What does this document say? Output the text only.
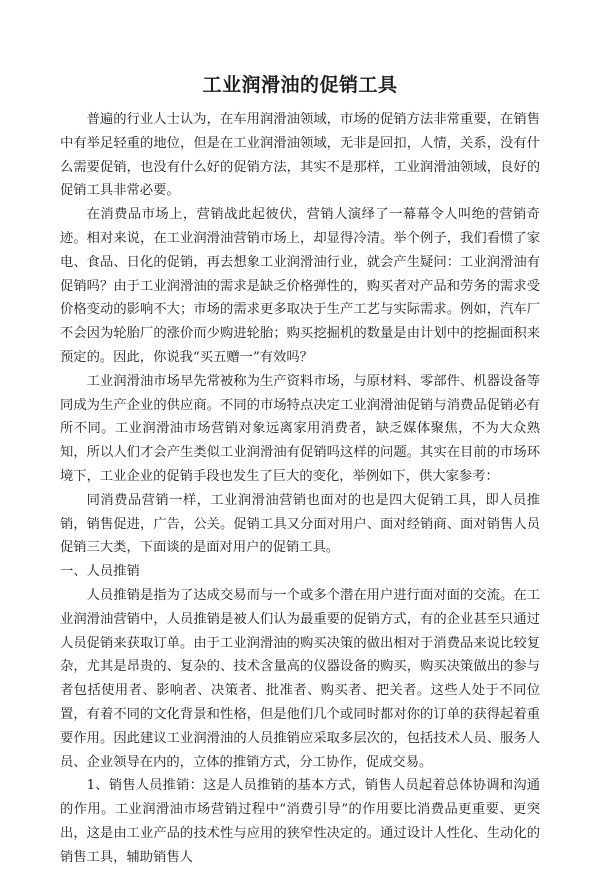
工业润滑油的促销工具

普遍的行业人士认为，在车用润滑油领域，市场的促销方法非常重要，在销售中有举足轻重的地位，但是在工业润滑油领域，无非是回扣，人情，关系，没有什么需要促销，也没有什么好的促销方法，其实不是那样，工业润滑油领域，良好的促销工具非常必要。

在消费品市场上，营销战此起彼伏，营销人演绎了一幕幕令人叫绝的营销奇迹。相对来说，在工业润滑油营销市场上，却显得冷清。举个例子，我们看惯了家电、食品、日化的促销，再去想象工业润滑油行业，就会产生疑问：工业润滑油有促销吗？由于工业润滑油的需求是缺乏价格弹性的，购买者对产品和劳务的需求受价格变动的影响不大；市场的需求更多取决于生产工艺与实际需求。例如，汽车厂不会因为轮胎厂的涨价而少购进轮胎；购买挖掘机的数量是由计划中的挖掘面积来预定的。因此，你说我“买五赠一”有效吗？

工业润滑油市场早先常被称为生产资料市场，与原材料、零部件、机器设备等同成为生产企业的供应商。不同的市场特点决定工业润滑油促销与消费品促销必有所不同。工业润滑油市场营销对象远离家用消费者，缺乏媒体聚焦，不为大众熟知，所以人们才会产生类似工业润滑油有促销吗这样的问题。其实在目前的市场环境下，工业企业的促销手段也发生了巨大的变化，举例如下，供大家参考：

同消费品营销一样，工业润滑油营销也面对的也是四大促销工具，即人员推销，销售促进，广告，公关。促销工具又分面对用户、面对经销商、面对销售人员促销三大类，下面谈的是面对用户的促销工具。

一、人员推销

人员推销是指为了达成交易而与一个或多个潜在用户进行面对面的交流。在工业润滑油营销中，人员推销是被人们认为最重要的促销方式，有的企业甚至只通过人员促销来获取订单。由于工业润滑油的购买决策的做出相对于消费品来说比较复杂，尤其是昂贵的、复杂的、技术含量高的仪器设备的购买，购买决策做出的参与者包括使用者、影响者、决策者、批准者、购买者、把关者。这些人处于不同位置，有着不同的文化背景和性格，但是他们几个或同时都对你的订单的获得起着重要作用。因此建议工业润滑油的人员推销应采取多层次的，包括技术人员、服务人员、企业领导在内的，立体的推销方式，分工协作，促成交易。

1、销售人员推销：这是人员推销的基本方式，销售人员起着总体协调和沟通的作用。工业润滑油市场营销过程中“消费引导”的作用要比消费品更重要、更突出，这是由工业产品的技术性与应用的狭窄性决定的。通过设计人性化、生动化的销售工具，辅助销售人
